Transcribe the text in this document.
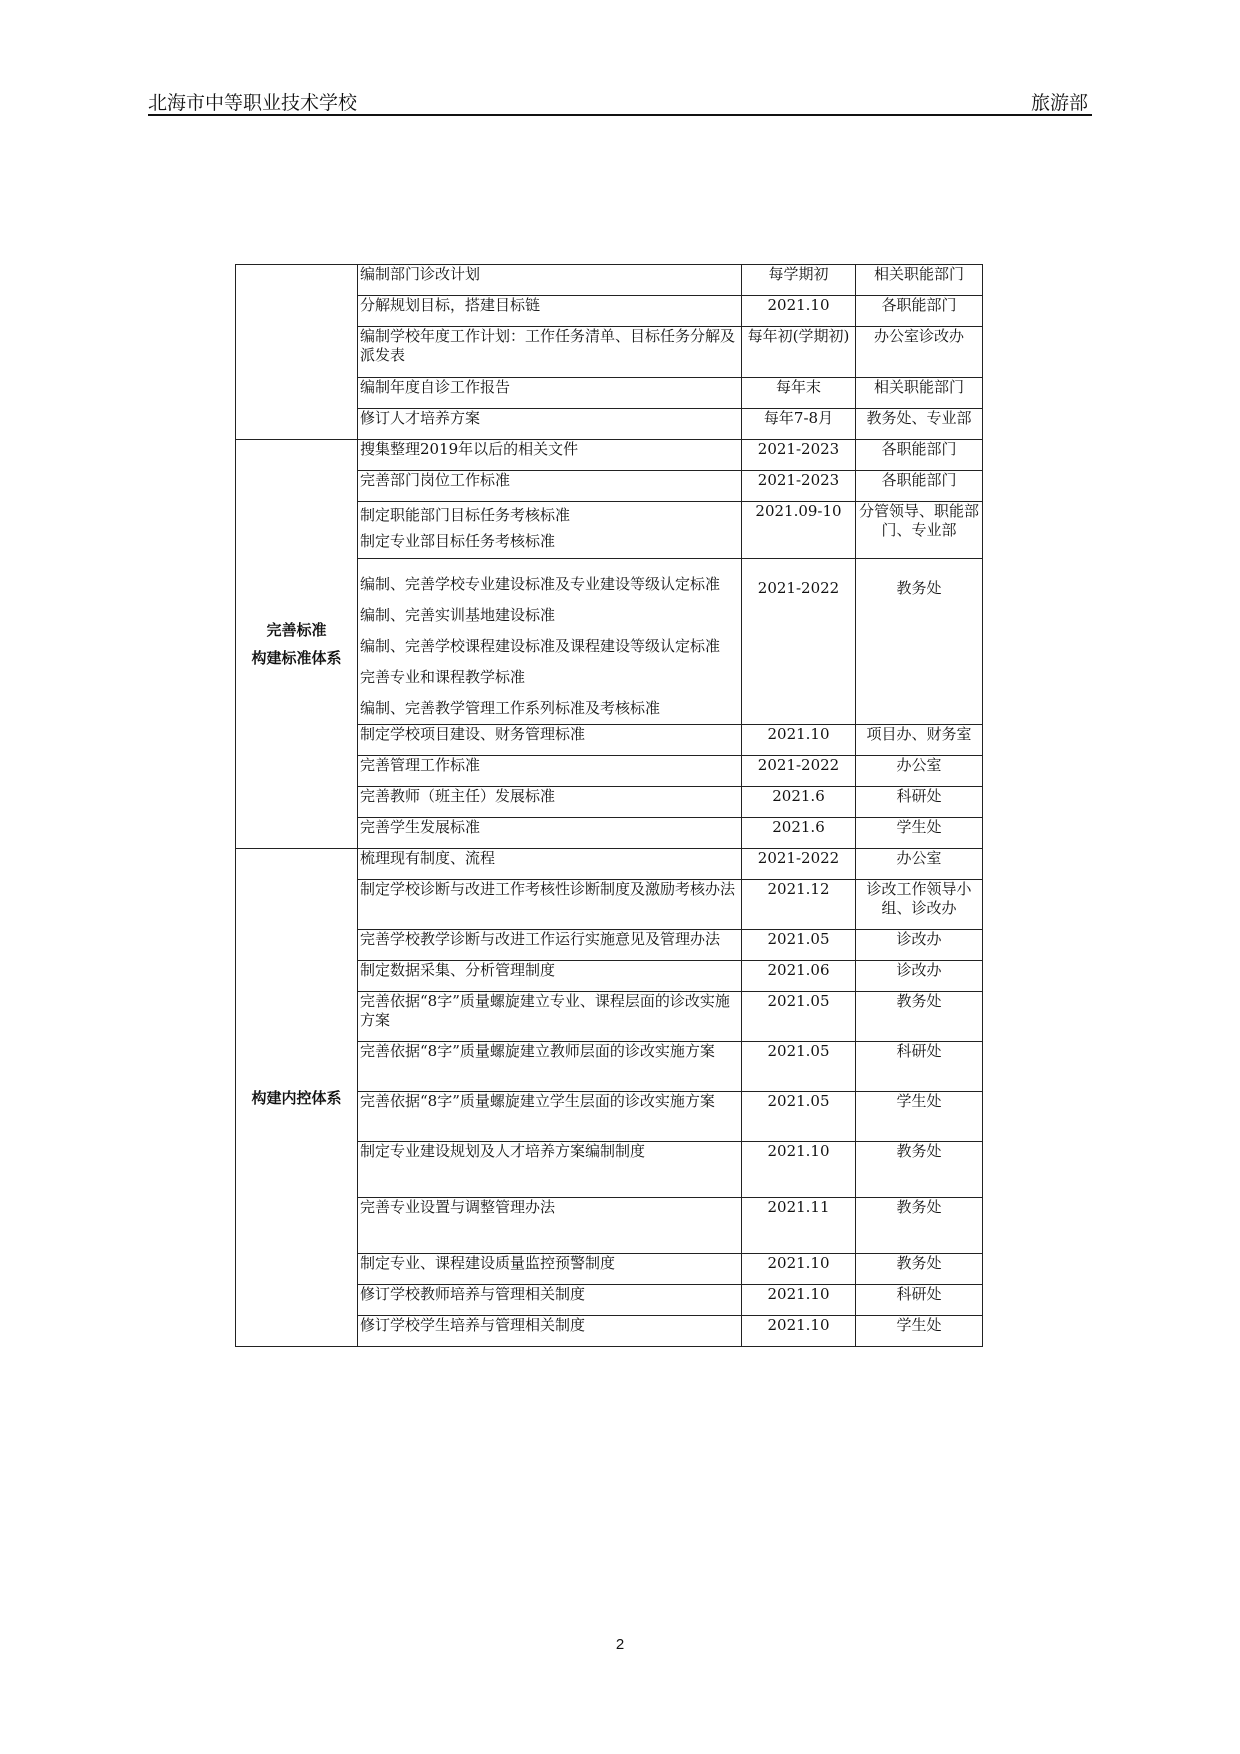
北海市中等职业技术学校	旅游部

	编制部门诊改计划	每学期初	相关职能部门

	分解规划目标，搭建目标链	2021.10	各职能部门

	编制学校年度工作计划：工作任务清单、目标任务分解及派发表	每年初(学期初)	办公室诊改办

	编制年度自诊工作报告	每年末	相关职能部门

	修订人才培养方案	每年7-8月	教务处、专业部

完善标准
构建标准体系	搜集整理2019年以后的相关文件	2021-2023	各职能部门

	完善部门岗位工作标准	2021-2023	各职能部门

	制定职能部门目标任务考核标准
制定专业部目标任务考核标准	2021.09-10	分管领导、职能部门、专业部

	编制、完善学校专业建设标准及专业建设等级认定标准
编制、完善实训基地建设标准
编制、完善学校课程建设标准及课程建设等级认定标准
完善专业和课程教学标准
编制、完善教学管理工作系列标准及考核标准	2021-2022	教务处

	制定学校项目建设、财务管理标准	2021.10	项目办、财务室

	完善管理工作标准	2021-2022	办公室

	完善教师（班主任）发展标准	2021.6	科研处

	完善学生发展标准	2021.6	学生处

构建内控体系	梳理现有制度、流程	2021-2022	办公室

	制定学校诊断与改进工作考核性诊断制度及激励考核办法	2021.12	诊改工作领导小组、诊改办

	完善学校教学诊断与改进工作运行实施意见及管理办法	2021.05	诊改办

	制定数据采集、分析管理制度	2021.06	诊改办

	完善依据“8字”质量螺旋建立专业、课程层面的诊改实施方案	2021.05	教务处

	完善依据“8字”质量螺旋建立教师层面的诊改实施方案	2021.05	科研处

	完善依据“8字”质量螺旋建立学生层面的诊改实施方案	2021.05	学生处

	制定专业建设规划及人才培养方案编制制度	2021.10	教务处

	完善专业设置与调整管理办法	2021.11	教务处

	制定专业、课程建设质量监控预警制度	2021.10	教务处

	修订学校教师培养与管理相关制度	2021.10	科研处

	修订学校学生培养与管理相关制度	2021.10	学生处
2
